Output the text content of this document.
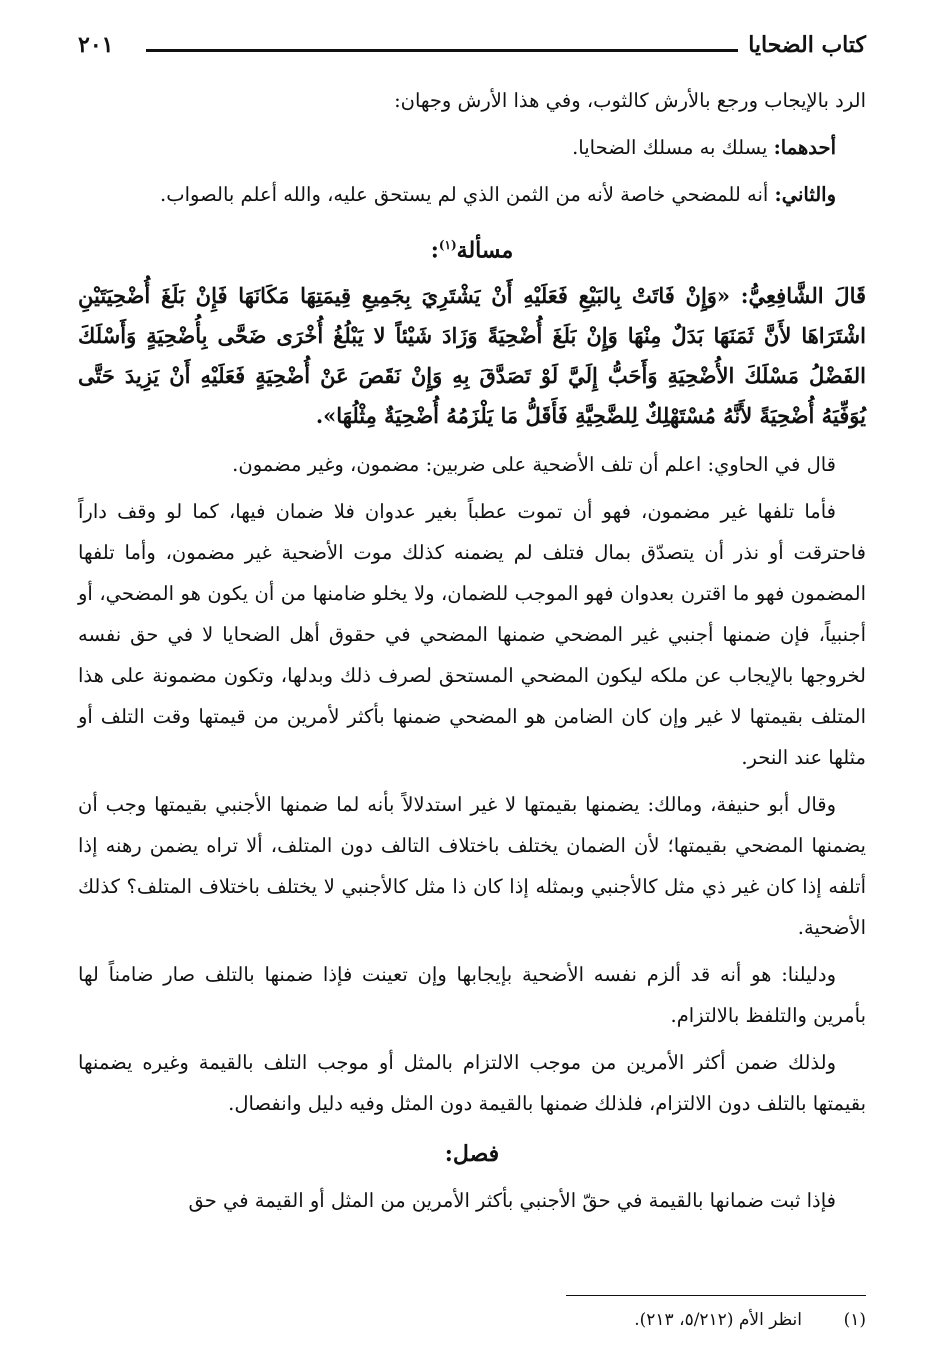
كتاب الضحايا
٢٠١

الرد بالإيجاب ورجع بالأرش كالثوب، وفي هذا الأرش وجهان:

أحدهما: يسلك به مسلك الضحايا.

والثاني: أنه للمضحي خاصة لأنه من الثمن الذي لم يستحق عليه، والله أعلم بالصواب.

مسألة$^{(١)}$:

قَالَ الشَّافِعِيُّ: «وَإِنْ فَاتَتْ بِالبَيْعِ فَعَلَيْهِ أَنْ يَشْتَرِيَ بِجَمِيعِ قِيمَتِهَا مَكَانَهَا فَإِنْ بَلَغَ أُضْحِيَتَيْنِ اشْتَرَاهَا لأَنَّ ثَمَنَهَا بَدَلٌ مِنْهَا وَإِنْ بَلَغَ أُضْحِيَةً وَزَادَ شَيْئاً لا يَبْلُغُ أُخْرَى ضَحَّى بِأُضْحِيَةٍ وَأَسْلَكَ الفَضْلُ مَسْلَكَ الأُضْحِيَةِ وَأَحَبُّ إِلَيَّ لَوْ تَصَدَّقَ بِهِ وَإِنْ نَقَصَ عَنْ أُضْحِيَةٍ فَعَلَيْهِ أَنْ يَزِيدَ حَتَّى يُوَفِّيَهُ أُضْحِيَةً لأَنَّهُ مُسْتَهْلِكٌ لِلضَّحِيَّةِ فَأَقَلُّ مَا يَلْزَمُهُ أُضْحِيَةٌ مِثْلُهَا».

قال في الحاوي: اعلم أن تلف الأضحية على ضربين: مضمون، وغير مضمون.

فأما تلفها غير مضمون، فهو أن تموت عطباً بغير عدوان فلا ضمان فيها، كما لو وقف داراً فاحترقت أو نذر أن يتصدّق بمال فتلف لم يضمنه كذلك موت الأضحية غير مضمون، وأما تلفها المضمون فهو ما اقترن بعدوان فهو الموجب للضمان، ولا يخلو ضامنها من أن يكون هو المضحي، أو أجنبياً، فإن ضمنها أجنبي غير المضحي ضمنها المضحي في حقوق أهل الضحايا لا في حق نفسه لخروجها بالإيجاب عن ملكه ليكون المضحي المستحق لصرف ذلك وبدلها، وتكون مضمونة على هذا المتلف بقيمتها لا غير وإن كان الضامن هو المضحي ضمنها بأكثر لأمرين من قيمتها وقت التلف أو مثلها عند النحر.

وقال أبو حنيفة، ومالك: يضمنها بقيمتها لا غير استدلالاً بأنه لما ضمنها الأجنبي بقيمتها وجب أن يضمنها المضحي بقيمتها؛ لأن الضمان يختلف باختلاف التالف دون المتلف، ألا تراه يضمن رهنه إذا أتلفه إذا كان غير ذي مثل كالأجنبي وبمثله إذا كان ذا مثل كالأجنبي لا يختلف باختلاف المتلف؟ كذلك الأضحية.

ودليلنا: هو أنه قد ألزم نفسه الأضحية بإيجابها وإن تعينت فإذا ضمنها بالتلف صار ضامناً لها بأمرين والتلفظ بالالتزام.

ولذلك ضمن أكثر الأمرين من موجب الالتزام بالمثل أو موجب التلف بالقيمة وغيره يضمنها بقيمتها بالتلف دون الالتزام، فلذلك ضمنها بالقيمة دون المثل وفيه دليل وانفصال.

فصل:

فإذا ثبت ضمانها بالقيمة في حقّ الأجنبي بأكثر الأمرين من المثل أو القيمة في حق

(١)انظر الأم (٥/٢١٢، ٢١٣).
